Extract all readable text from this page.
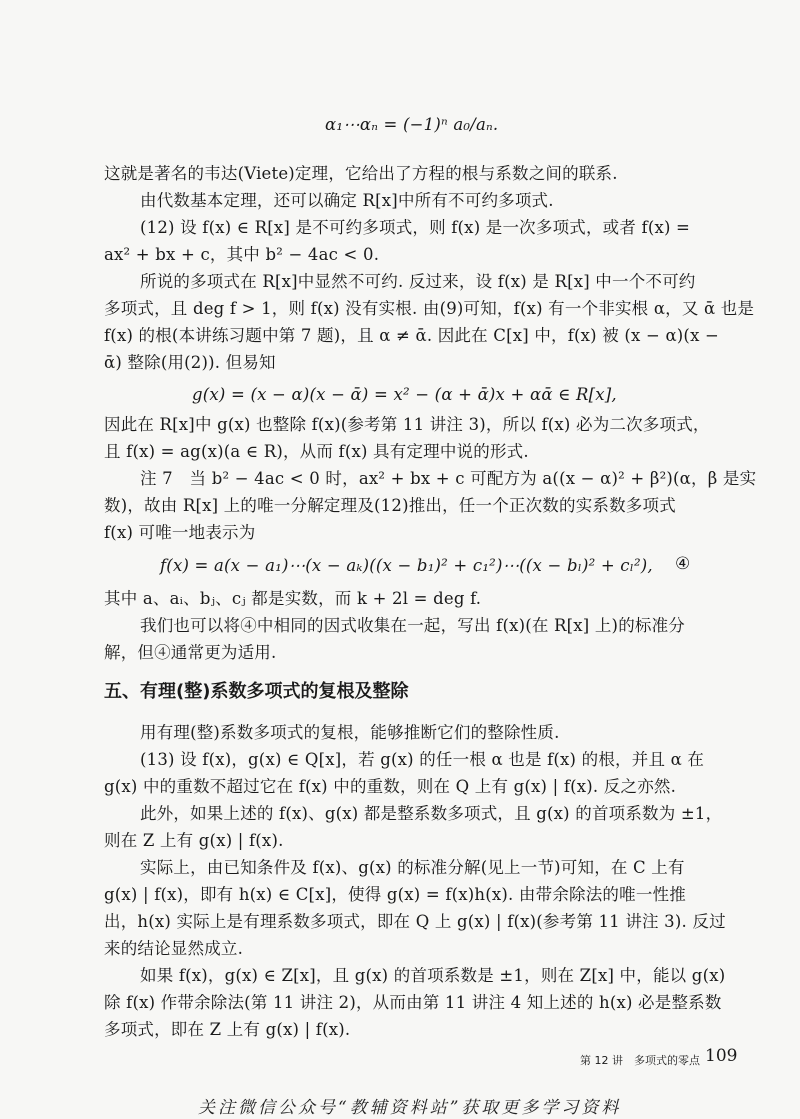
α₁⋯αₙ = (−1)ⁿ a₀/aₙ.
这就是著名的韦达(Viete)定理，它给出了方程的根与系数之间的联系.
由代数基本定理，还可以确定 R[x]中所有不可约多项式.
(12) 设 f(x) ∈ R[x] 是不可约多项式，则 f(x) 是一次多项式，或者 f(x) =
ax² + bx + c，其中 b² − 4ac < 0.
所说的多项式在 R[x]中显然不可约. 反过来，设 f(x) 是 R[x] 中一个不可约
多项式，且 deg f > 1，则 f(x) 没有实根. 由(9)可知，f(x) 有一个非实根 α，又 ᾱ 也是
f(x) 的根(本讲练习题中第 7 题)，且 α ≠ ᾱ. 因此在 C[x] 中，f(x) 被 (x − α)(x −
ᾱ) 整除(用(2)). 但易知
g(x) = (x − α)(x − ᾱ) = x² − (α + ᾱ)x + αᾱ ∈ R[x],
因此在 R[x]中 g(x) 也整除 f(x)(参考第 11 讲注 3)，所以 f(x) 必为二次多项式，
且 f(x) = ag(x)(a ∈ R)，从而 f(x) 具有定理中说的形式.
注 7　当 b² − 4ac < 0 时，ax² + bx + c 可配方为 a((x − α)² + β²)(α，β 是实
数)，故由 R[x] 上的唯一分解定理及(12)推出，任一个正次数的实系数多项式
f(x) 可唯一地表示为
f(x) = a(x − a₁)⋯(x − aₖ)((x − b₁)² + c₁²)⋯((x − bₗ)² + cₗ²), ④
其中 a、aᵢ、bⱼ、cⱼ 都是实数，而 k + 2l = deg f.
我们也可以将④中相同的因式收集在一起，写出 f(x)(在 R[x] 上)的标准分
解，但④通常更为适用.
五、有理(整)系数多项式的复根及整除
用有理(整)系数多项式的复根，能够推断它们的整除性质.
(13) 设 f(x)，g(x) ∈ Q[x]，若 g(x) 的任一根 α 也是 f(x) 的根，并且 α 在
g(x) 中的重数不超过它在 f(x) 中的重数，则在 Q 上有 g(x) | f(x). 反之亦然.
此外，如果上述的 f(x)、g(x) 都是整系数多项式，且 g(x) 的首项系数为 ±1，
则在 Z 上有 g(x) | f(x).
实际上，由已知条件及 f(x)、g(x) 的标准分解(见上一节)可知，在 C 上有
g(x) | f(x)，即有 h(x) ∈ C[x]，使得 g(x) = f(x)h(x). 由带余除法的唯一性推
出，h(x) 实际上是有理系数多项式，即在 Q 上 g(x) | f(x)(参考第 11 讲注 3). 反过
来的结论显然成立.
如果 f(x)，g(x) ∈ Z[x]，且 g(x) 的首项系数是 ±1，则在 Z[x] 中，能以 g(x)
除 f(x) 作带余除法(第 11 讲注 2)，从而由第 11 讲注 4 知上述的 h(x) 必是整系数
多项式，即在 Z 上有 g(x) | f(x).
第 12 讲　多项式的零点 109
关注微信公众号“教辅资料站”获取更多学习资料
